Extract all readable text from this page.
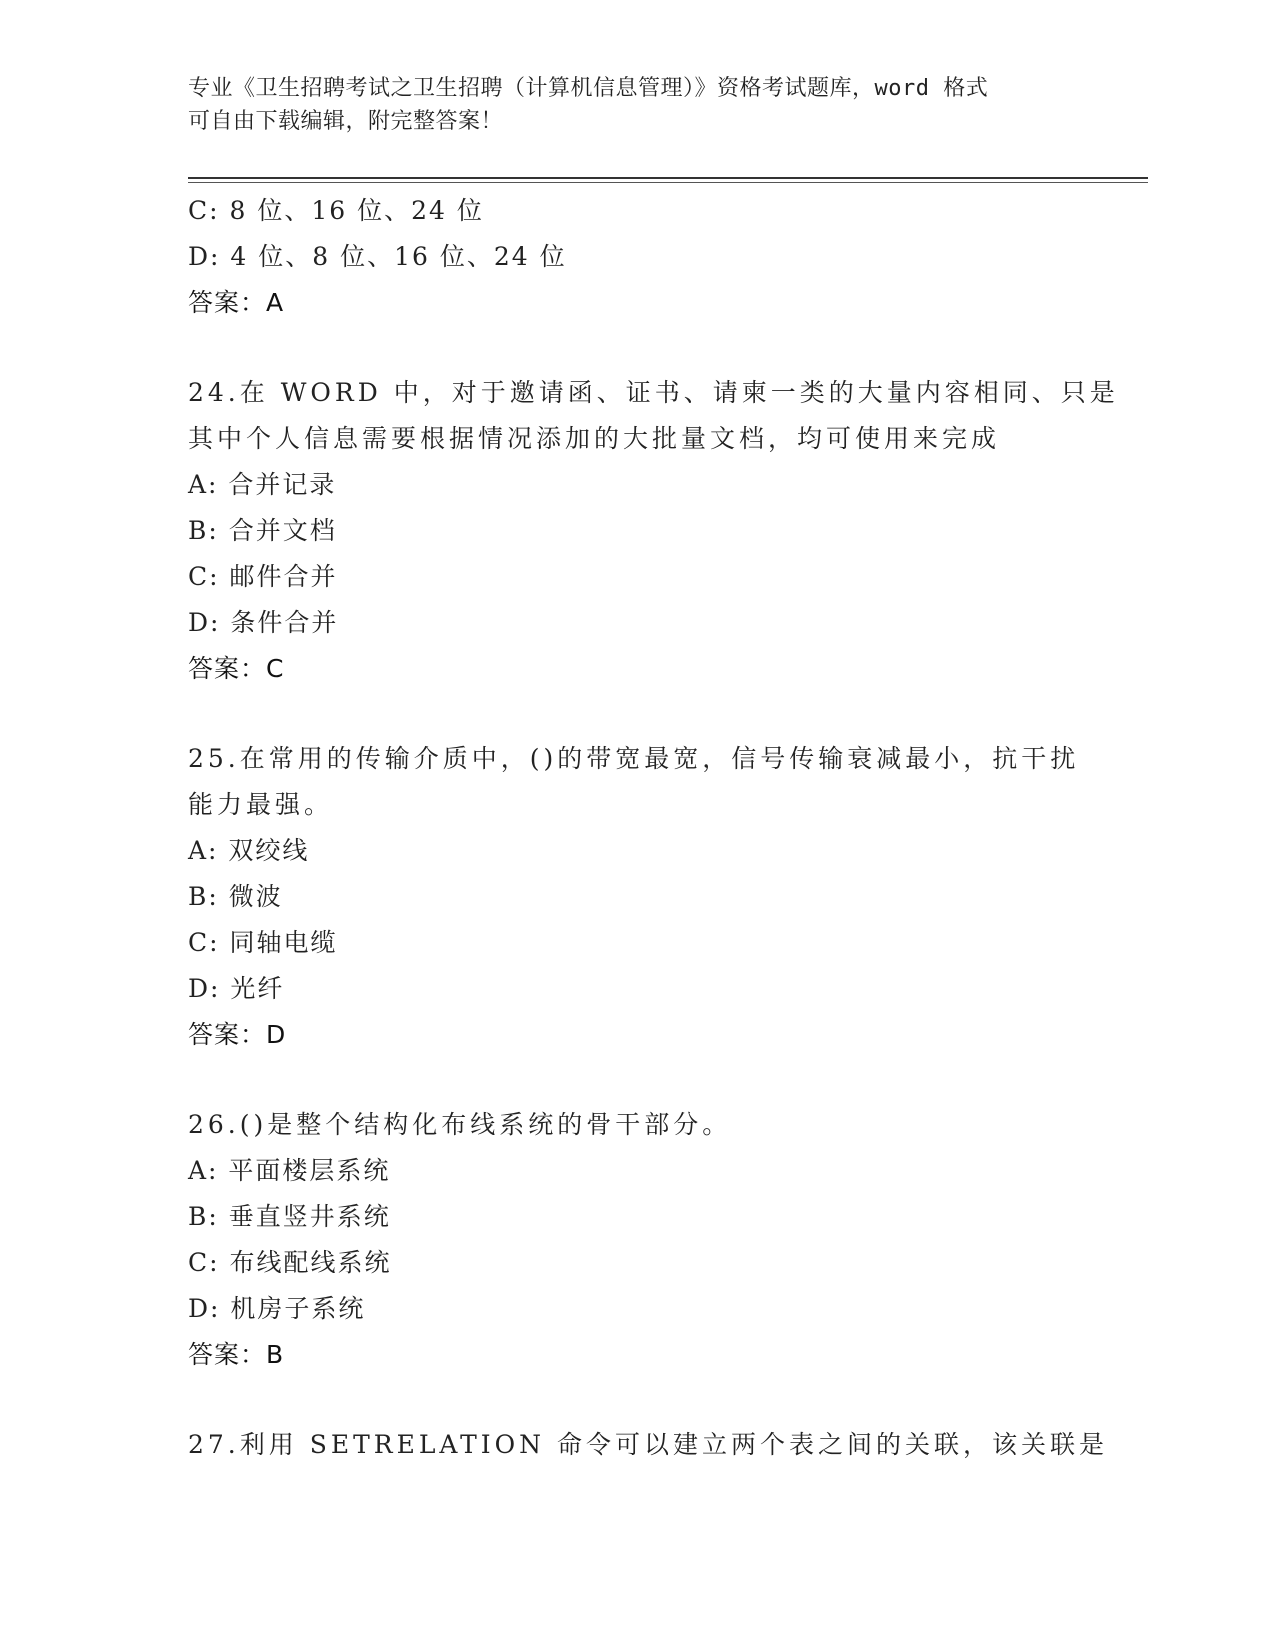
专业《卫生招聘考试之卫生招聘（计算机信息管理）》资格考试题库，word 格式
可自由下载编辑，附完整答案！
C: 8 位、16 位、24 位
D: 4 位、8 位、16 位、24 位
答案：A
24.在 WORD 中，对于邀请函、证书、请柬一类的大量内容相同、只是
其中个人信息需要根据情况添加的大批量文档，均可使用来完成
A: 合并记录
B: 合并文档
C: 邮件合并
D: 条件合并
答案：C
25.在常用的传输介质中，()的带宽最宽，信号传输衰减最小，抗干扰
能力最强。
A: 双绞线
B: 微波
C: 同轴电缆
D: 光纤
答案：D
26.()是整个结构化布线系统的骨干部分。
A: 平面楼层系统
B: 垂直竖井系统
C: 布线配线系统
D: 机房子系统
答案：B
27.利用 SETRELATION 命令可以建立两个表之间的关联，该关联是
